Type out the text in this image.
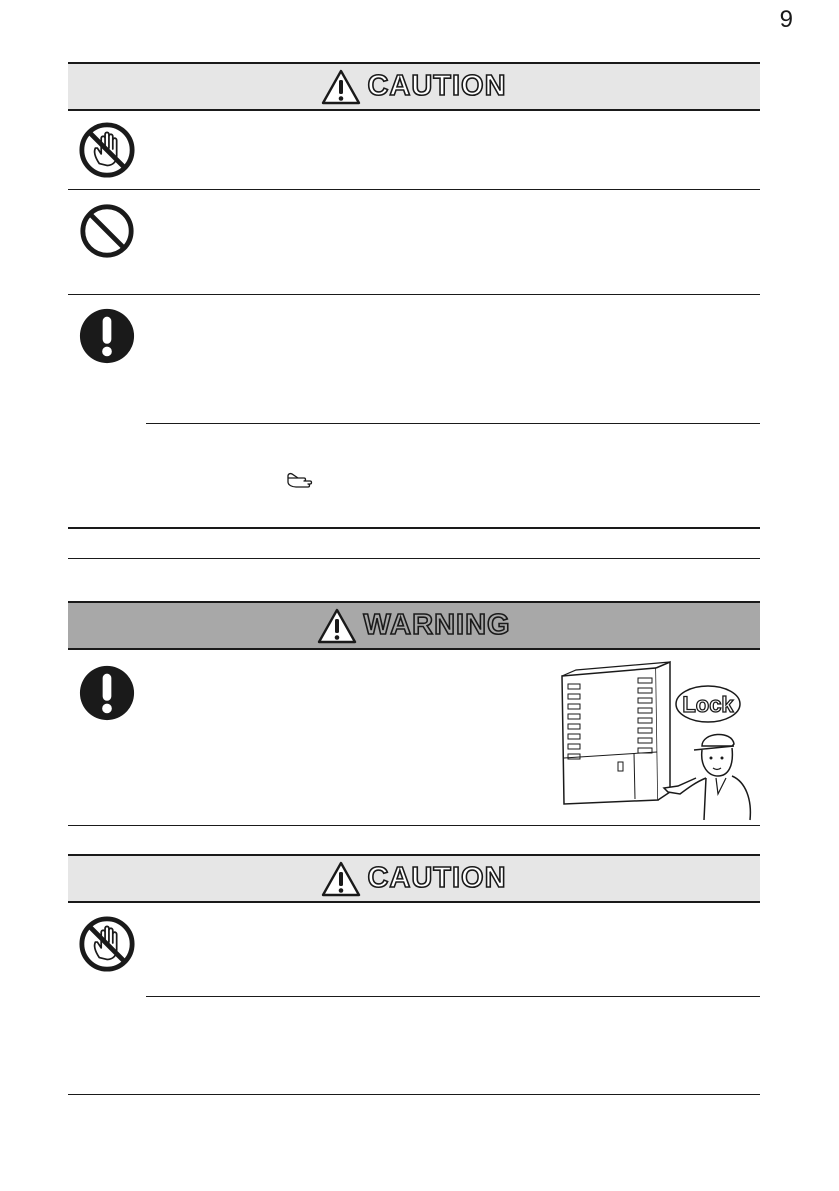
9
CAUTION
WARNING
Lock
CAUTION
